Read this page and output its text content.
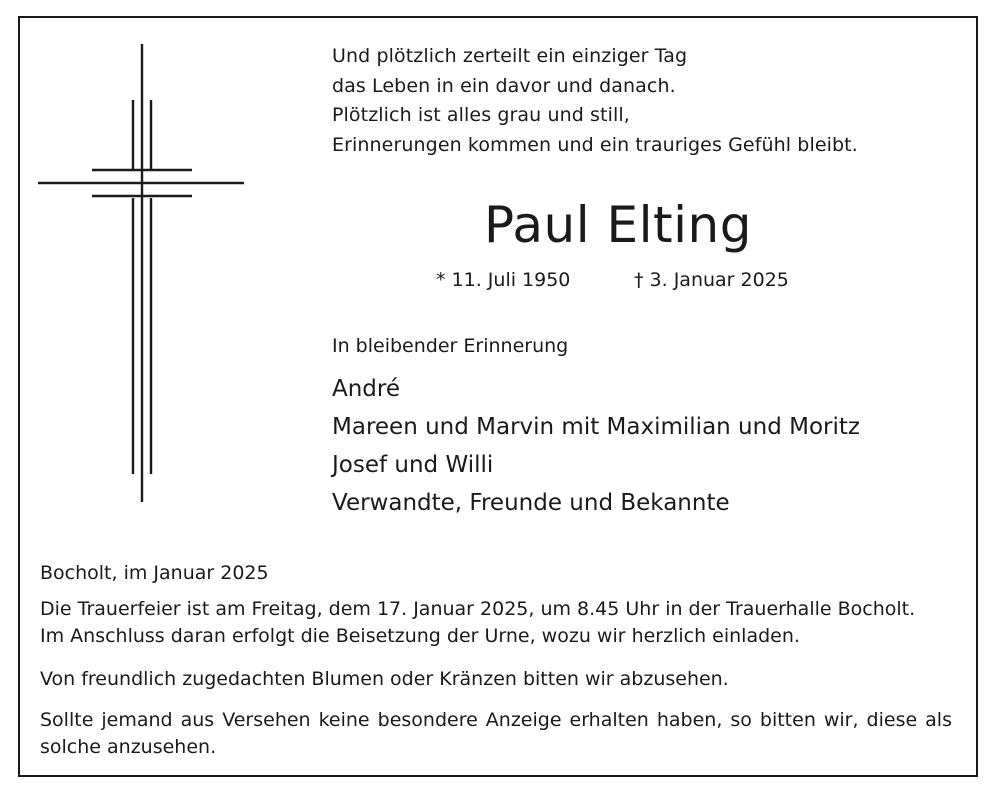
Und plötzlich zerteilt ein einziger Tag
das Leben in ein davor und danach.
Plötzlich ist alles grau und still,
Erinnerungen kommen und ein trauriges Gefühl bleibt.
Paul Elting
* 11. Juli 1950	† 3. Januar 2025
In bleibender Erinnerung
André
Mareen und Marvin mit Maximilian und Moritz
Josef und Willi
Verwandte, Freunde und Bekannte
Bocholt, im Januar 2025
Die Trauerfeier ist am Freitag, dem 17. Januar 2025, um 8.45 Uhr in der Trauerhalle Bocholt.
Im Anschluss daran erfolgt die Beisetzung der Urne, wozu wir herzlich einladen.
Von freundlich zugedachten Blumen oder Kränzen bitten wir abzusehen.
Sollte jemand aus Versehen keine besondere Anzeige erhalten haben, so bitten wir, diese als solche anzusehen.
